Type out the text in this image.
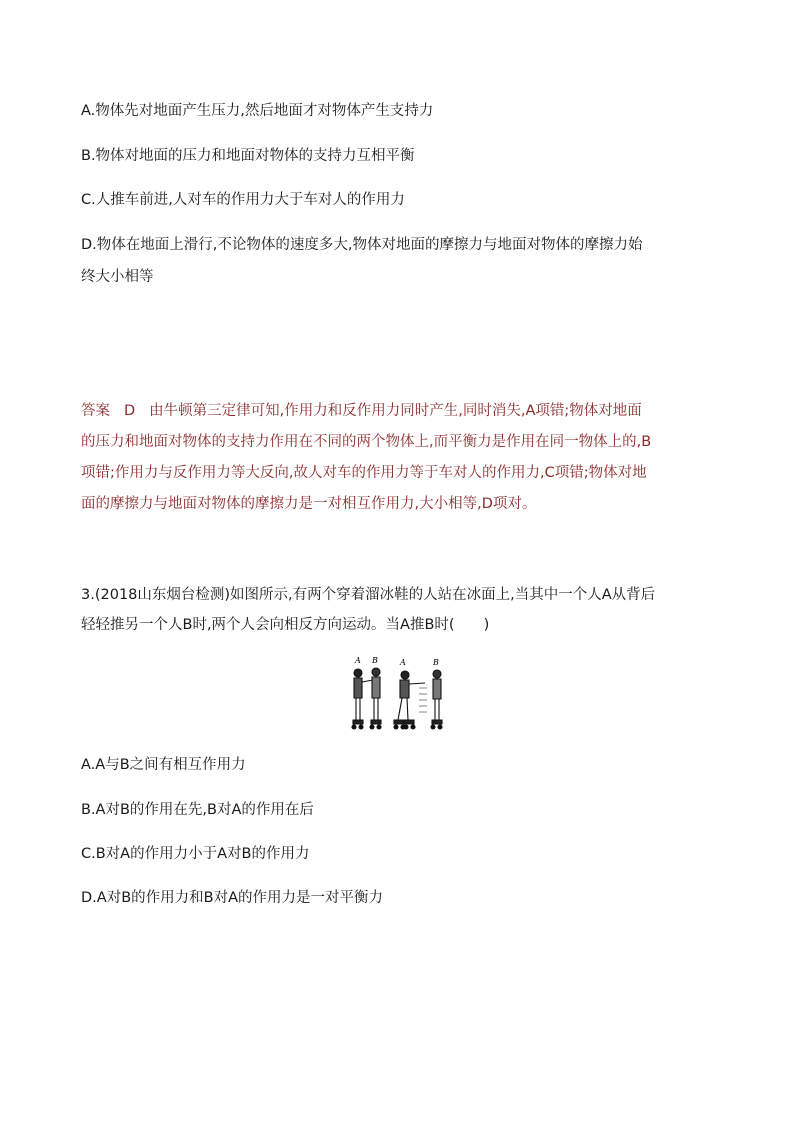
A.物体先对地面产生压力,然后地面才对物体产生支持力
B.物体对地面的压力和地面对物体的支持力互相平衡
C.人推车前进,人对车的作用力大于车对人的作用力
D.物体在地面上滑行,不论物体的速度多大,物体对地面的摩擦力与地面对物体的摩擦力始
终大小相等
答案 D 由牛顿第三定律可知,作用力和反作用力同时产生,同时消失,A项错;物体对地面
的压力和地面对物体的支持力作用在不同的两个物体上,而平衡力是作用在同一物体上的,B
项错;作用力与反作用力等大反向,故人对车的作用力等于车对人的作用力,C项错;物体对地
面的摩擦力与地面对物体的摩擦力是一对相互作用力,大小相等,D项对。
3.(2018山东烟台检测)如图所示,有两个穿着溜冰鞋的人站在冰面上,当其中一个人A从背后
轻轻推另一个人B时,两个人会向相反方向运动。当A推B时(　　)
A B	A	B
A.A与B之间有相互作用力
B.A对B的作用在先,B对A的作用在后
C.B对A的作用力小于A对B的作用力
D.A对B的作用力和B对A的作用力是一对平衡力
